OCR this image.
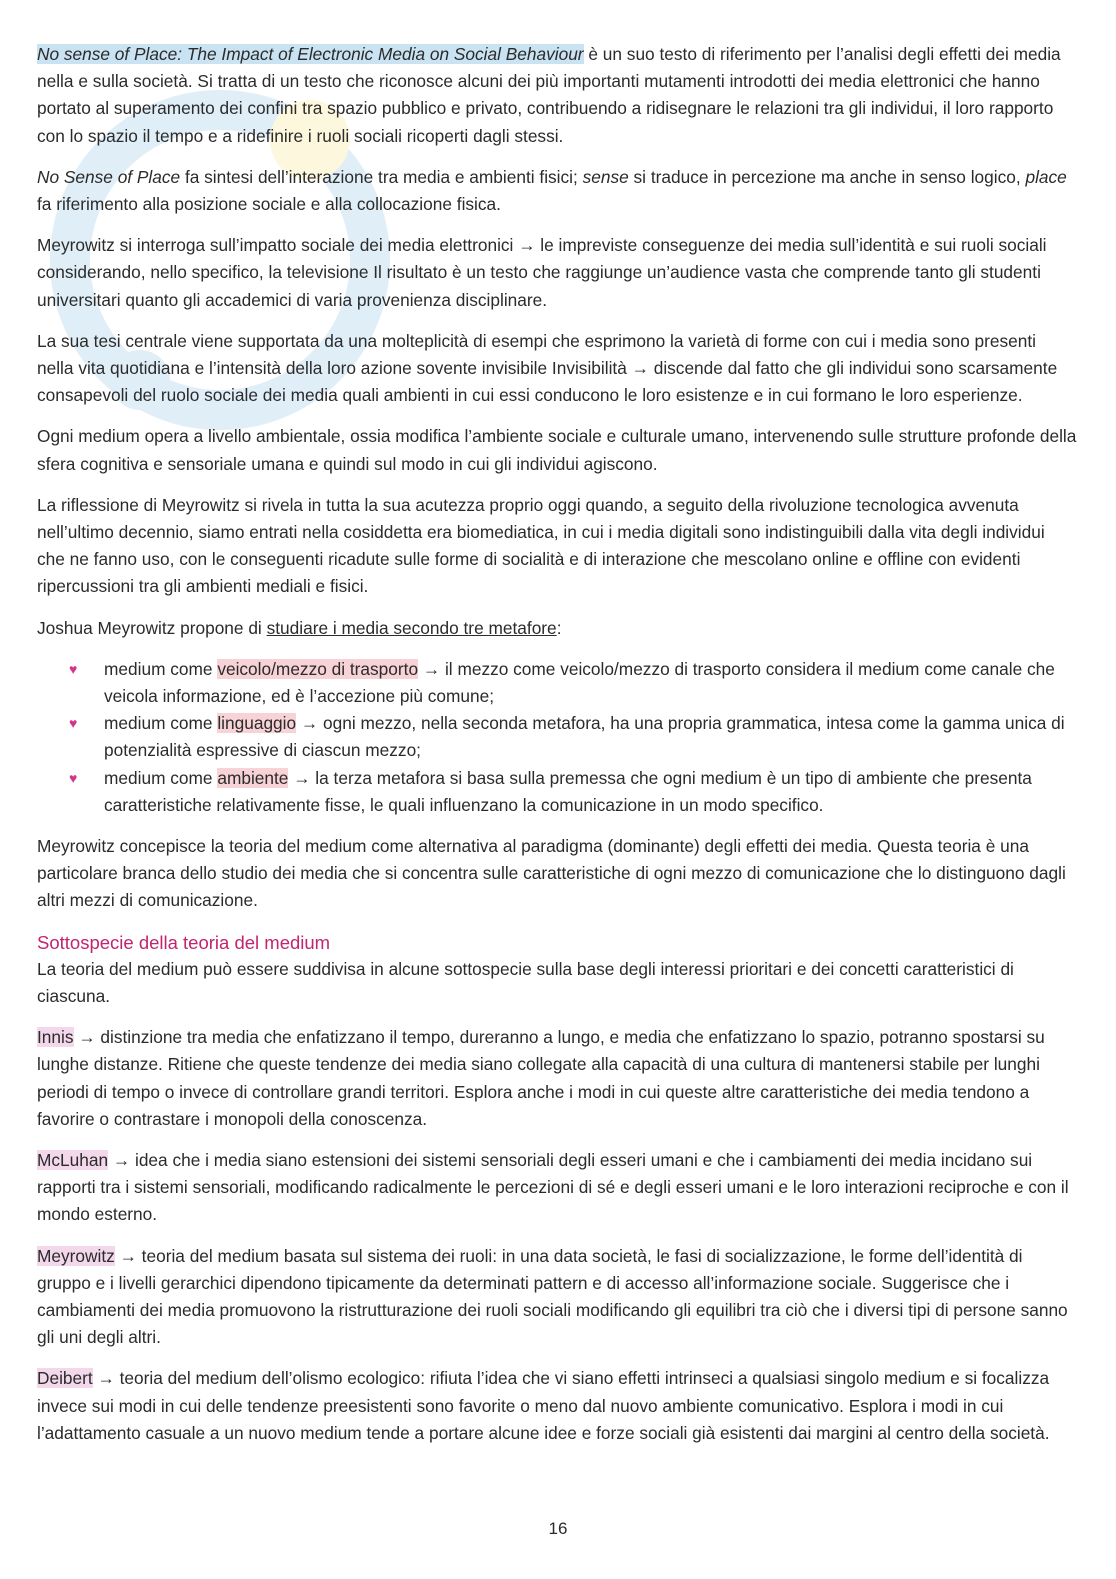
No sense of Place: The Impact of Electronic Media on Social Behaviour è un suo testo di riferimento per l’analisi degli effetti dei media nella e sulla società. Si tratta di un testo che riconosce alcuni dei più importanti mutamenti introdotti dei media elettronici che hanno portato al superamento dei confini tra spazio pubblico e privato, contribuendo a ridisegnare le relazioni tra gli individui, il loro rapporto con lo spazio il tempo e a ridefinire i ruoli sociali ricoperti dagli stessi.

No Sense of Place fa sintesi dell’interazione tra media e ambienti fisici; sense si traduce in percezione ma anche in senso logico, place fa riferimento alla posizione sociale e alla collocazione fisica.

Meyrowitz si interroga sull’impatto sociale dei media elettronici → le impreviste conseguenze dei media sull’identità e sui ruoli sociali considerando, nello specifico, la televisione Il risultato è un testo che raggiunge un’audience vasta che comprende tanto gli studenti universitari quanto gli accademici di varia provenienza disciplinare.

La sua tesi centrale viene supportata da una molteplicità di esempi che esprimono la varietà di forme con cui i media sono presenti nella vita quotidiana e l’intensità della loro azione sovente invisibile Invisibilità → discende dal fatto che gli individui sono scarsamente consapevoli del ruolo sociale dei media quali ambienti in cui essi conducono le loro esistenze e in cui formano le loro esperienze.

Ogni medium opera a livello ambientale, ossia modifica l’ambiente sociale e culturale umano, intervenendo sulle strutture profonde della sfera cognitiva e sensoriale umana e quindi sul modo in cui gli individui agiscono.

La riflessione di Meyrowitz si rivela in tutta la sua acutezza proprio oggi quando, a seguito della rivoluzione tecnologica avvenuta nell’ultimo decennio, siamo entrati nella cosiddetta era biomediatica, in cui i media digitali sono indistinguibili dalla vita degli individui che ne fanno uso, con le conseguenti ricadute sulle forme di socialità e di interazione che mescolano online e offline con evidenti ripercussioni tra gli ambienti mediali e fisici.

Joshua Meyrowitz propone di studiare i media secondo tre metafore:

♥ medium come veicolo/mezzo di trasporto → il mezzo come veicolo/mezzo di trasporto considera il medium come canale che veicola informazione, ed è l’accezione più comune;
♥ medium come linguaggio → ogni mezzo, nella seconda metafora, ha una propria grammatica, intesa come la gamma unica di potenzialità espressive di ciascun mezzo;
♥ medium come ambiente → la terza metafora si basa sulla premessa che ogni medium è un tipo di ambiente che presenta caratteristiche relativamente fisse, le quali influenzano la comunicazione in un modo specifico.

Meyrowitz concepisce la teoria del medium come alternativa al paradigma (dominante) degli effetti dei media. Questa teoria è una particolare branca dello studio dei media che si concentra sulle caratteristiche di ogni mezzo di comunicazione che lo distinguono dagli altri mezzi di comunicazione.

Sottospecie della teoria del medium

La teoria del medium può essere suddivisa in alcune sottospecie sulla base degli interessi prioritari e dei concetti caratteristici di ciascuna.

Innis → distinzione tra media che enfatizzano il tempo, dureranno a lungo, e media che enfatizzano lo spazio, potranno spostarsi su lunghe distanze. Ritiene che queste tendenze dei media siano collegate alla capacità di una cultura di mantenersi stabile per lunghi periodi di tempo o invece di controllare grandi territori. Esplora anche i modi in cui queste altre caratteristiche dei media tendono a favorire o contrastare i monopoli della conoscenza.

McLuhan → idea che i media siano estensioni dei sistemi sensoriali degli esseri umani e che i cambiamenti dei media incidano sui rapporti tra i sistemi sensoriali, modificando radicalmente le percezioni di sé e degli esseri umani e le loro interazioni reciproche e con il mondo esterno.

Meyrowitz → teoria del medium basata sul sistema dei ruoli: in una data società, le fasi di socializzazione, le forme dell’identità di gruppo e i livelli gerarchici dipendono tipicamente da determinati pattern e di accesso all’informazione sociale. Suggerisce che i cambiamenti dei media promuovono la ristrutturazione dei ruoli sociali modificando gli equilibri tra ciò che i diversi tipi di persone sanno gli uni degli altri.

Deibert → teoria del medium dell’olismo ecologico: rifiuta l’idea che vi siano effetti intrinseci a qualsiasi singolo medium e si focalizza invece sui modi in cui delle tendenze preesistenti sono favorite o meno dal nuovo ambiente comunicativo. Esplora i modi in cui l’adattamento casuale a un nuovo medium tende a portare alcune idee e forze sociali già esistenti dai margini al centro della società.

16
